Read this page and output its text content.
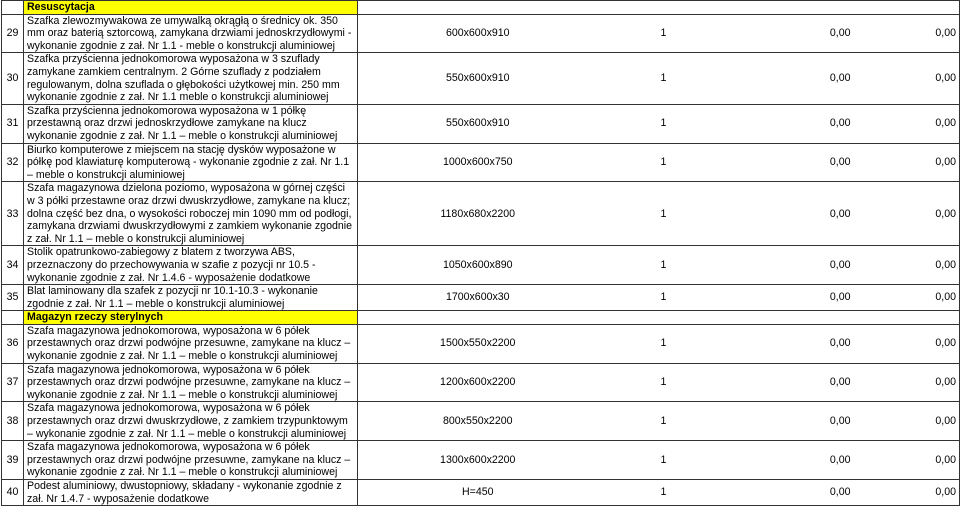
	Resuscytacja				
29	Szafka zlewozmywakowa ze umywalką okrągłą o średnicy ok. 350 mm oraz baterią sztorcową, zamykana drzwiami jednoskrzydłowymi - wykonanie zgodnie z zał. Nr 1.1 - meble o konstrukcji aluminiowej	600x600x910	1	0,00	0,00
30	Szafka przyścienna jednokomorowa wyposażona w 3 szuflady zamykane zamkiem centralnym. 2 Górne szuflady z podziałem regulowanym, dolna szuflada o głębokości użytkowej min. 250 mm wykonanie zgodnie z zał. Nr 1.1 meble o konstrukcji aluminiowej	550x600x910	1	0,00	0,00
31	Szafka przyścienna jednokomorowa wyposażona w 1 półkę przestawną oraz drzwi jednoskrzydłowe zamykane na klucz wykonanie zgodnie z zał. Nr 1.1 – meble o konstrukcji aluminiowej	550x600x910	1	0,00	0,00
32	Biurko komputerowe z miejscem na stację dysków wyposażone w półkę pod klawiaturę komputerową - wykonanie zgodnie z zał. Nr 1.1 – meble o konstrukcji aluminiowej	1000x600x750	1	0,00	0,00
33	Szafa magazynowa dzielona poziomo, wyposażona w górnej części w 3 półki przestawne oraz drzwi dwuskrzydłowe, zamykane na klucz; dolna część bez dna, o wysokości roboczej min 1090 mm od podłogi, zamykana drzwiami dwuskrzydłowymi z zamkiem wykonanie zgodnie z zał. Nr 1.1 – meble o konstrukcji aluminiowej	1180x680x2200	1	0,00	0,00
34	Stolik opatrunkowo-zabiegowy z blatem z tworzywa ABS, przeznaczony do przechowywania w szafie z pozycji nr 10.5 - wykonanie zgodnie z zał. Nr 1.4.6 - wyposażenie dodatkowe	1050x600x890	1	0,00	0,00
35	Blat laminowany dla szafek z pozycji nr 10.1-10.3 - wykonanie zgodnie z zał. Nr 1.1 – meble o konstrukcji aluminiowej	1700x600x30	1	0,00	0,00
	Magazyn rzeczy sterylnych				
36	Szafa magazynowa jednokomorowa, wyposażona w 6 półek przestawnych oraz drzwi podwójne przesuwne, zamykane na klucz – wykonanie zgodnie z zał. Nr 1.1 – meble o konstrukcji aluminiowej	1500x550x2200	1	0,00	0,00
37	Szafa magazynowa jednokomorowa, wyposażona w 6 półek przestawnych oraz drzwi podwójne przesuwne, zamykane na klucz – wykonanie zgodnie z zał. Nr 1.1 – meble o konstrukcji aluminiowej	1200x600x2200	1	0,00	0,00
38	Szafa magazynowa jednokomorowa, wyposażona w 6 półek przestawnych oraz drzwi dwuskrzydłowe, z zamkiem trzypunktowym – wykonanie zgodnie z zał. Nr 1.1 – meble o konstrukcji aluminiowej	800x550x2200	1	0,00	0,00
39	Szafa magazynowa jednokomorowa, wyposażona w 6 półek przestawnych oraz drzwi podwójne przesuwne, zamykane na klucz – wykonanie zgodnie z zał. Nr 1.1 – meble o konstrukcji aluminiowej	1300x600x2200	1	0,00	0,00
40	Podest aluminiowy, dwustopniowy, składany - wykonanie zgodnie z zał. Nr 1.4.7 - wyposażenie dodatkowe	H=450	1	0,00	0,00
